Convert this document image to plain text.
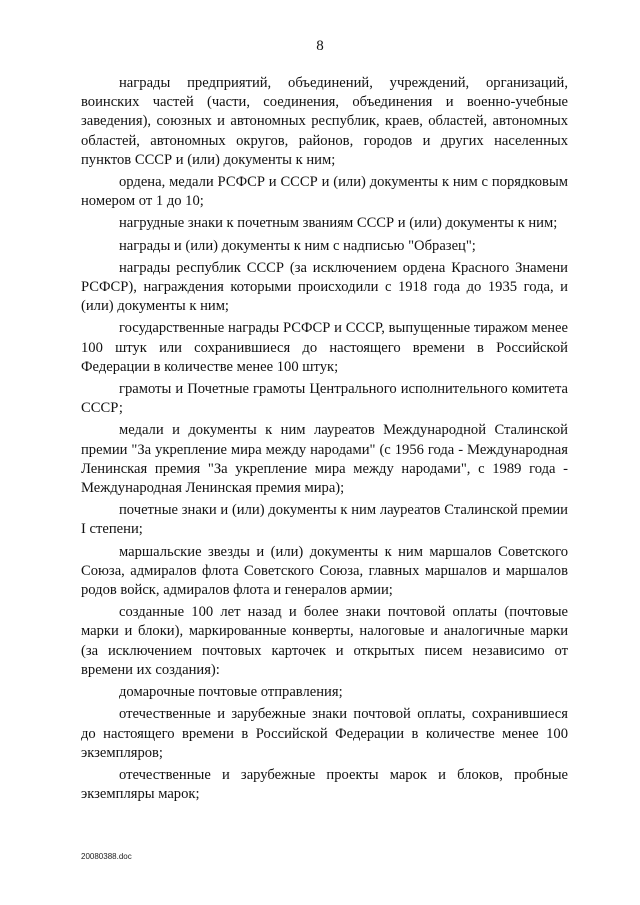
8

награды предприятий, объединений, учреждений, организаций, воинских частей (части, соединения, объединения и военно-учебные заведения), союзных и автономных республик, краев, областей, автономных областей, автономных округов, районов, городов и других населенных пунктов СССР и (или) документы к ним;

ордена, медали РСФСР и СССР и (или) документы к ним с порядковым номером от 1 до 10;

нагрудные знаки к почетным званиям СССР и (или) документы к ним;

награды и (или) документы к ним с надписью "Образец";

награды республик СССР (за исключением ордена Красного Знамени РСФСР), награждения которыми происходили с 1918 года до 1935 года, и (или) документы к ним;

государственные награды РСФСР и СССР, выпущенные тиражом менее 100 штук или сохранившиеся до настоящего времени в Российской Федерации в количестве менее 100 штук;

грамоты и Почетные грамоты Центрального исполнительного комитета СССР;

медали и документы к ним лауреатов Международной Сталинской премии "За укрепление мира между народами" (с 1956 года - Международная Ленинская премия "За укрепление мира между народами", с 1989 года - Международная Ленинская премия мира);

почетные знаки и (или) документы к ним лауреатов Сталинской премии I степени;

маршальские звезды и (или) документы к ним маршалов Советского Союза, адмиралов флота Советского Союза, главных маршалов и маршалов родов войск, адмиралов флота и генералов армии;

созданные 100 лет назад и более знаки почтовой оплаты (почтовые марки и блоки), маркированные конверты, налоговые и аналогичные марки (за исключением почтовых карточек и открытых писем независимо от времени их создания):

домарочные почтовые отправления;

отечественные и зарубежные знаки почтовой оплаты, сохранившиеся до настоящего времени в Российской Федерации в количестве менее 100 экземпляров;

отечественные и зарубежные проекты марок и блоков, пробные экземпляры марок;

20080388.doc
